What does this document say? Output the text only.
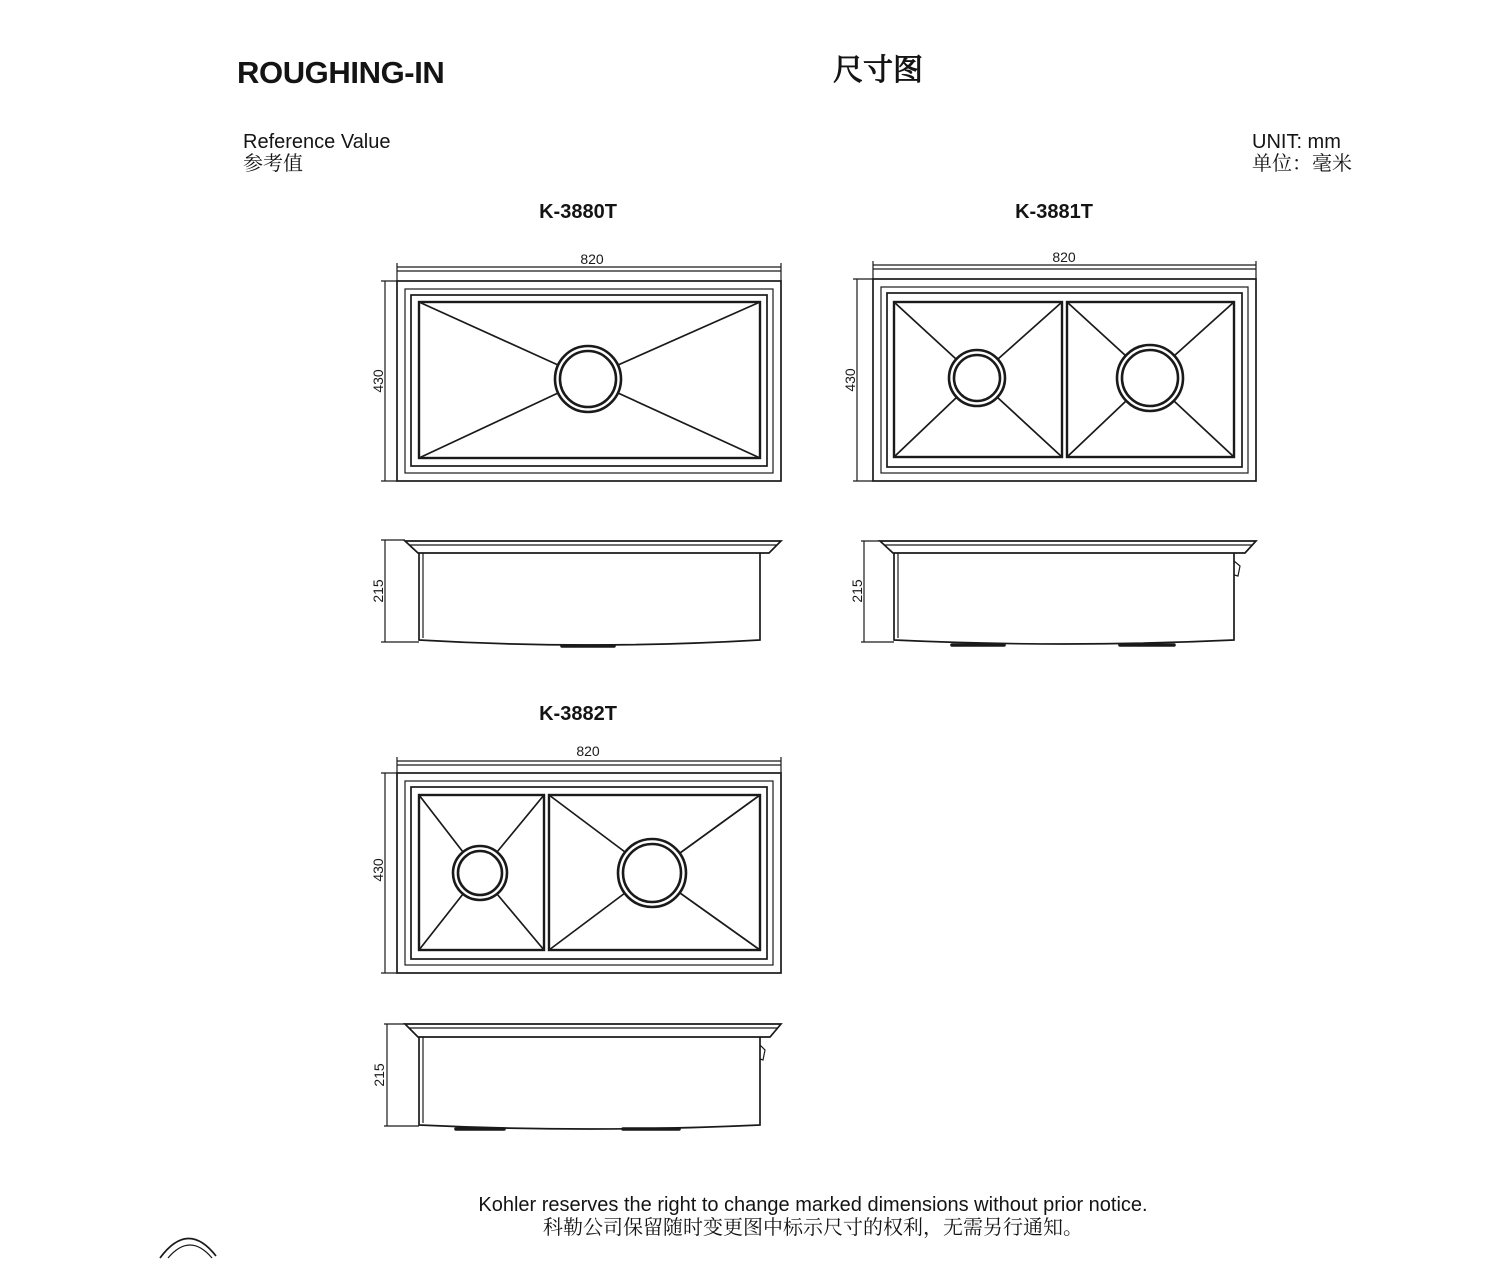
820
430
215
820
430
215
820
430
215
ROUGHING-IN	尺寸图
Reference Value
参考值
UNIT: mm
单位：毫米
K-3880T	K-3881T
K-3882T
Kohler reserves the right to change marked dimensions without prior notice.
科勒公司保留随时变更图中标示尺寸的权利，无需另行通知。
